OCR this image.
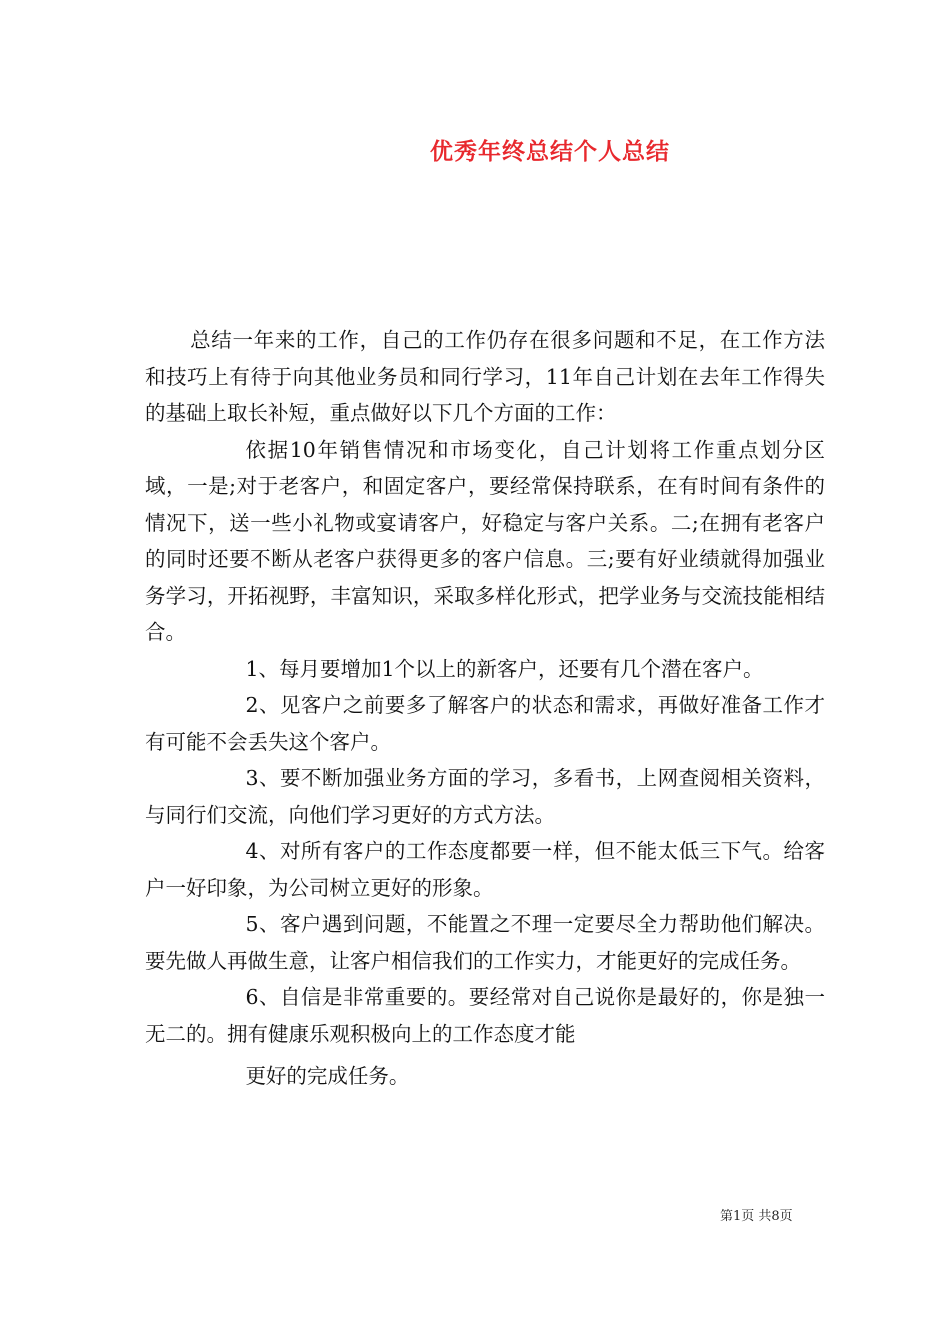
优秀年终总结个人总结

总结一年来的工作，自己的工作仍存在很多问题和不足，在工作方法和技巧上有待于向其他业务员和同行学习，11年自己计划在去年工作得失的基础上取长补短，重点做好以下几个方面的工作：

依据10年销售情况和市场变化，自己计划将工作重点划分区域，一是;对于老客户，和固定客户，要经常保持联系，在有时间有条件的情况下，送一些小礼物或宴请客户，好稳定与客户关系。二;在拥有老客户的同时还要不断从老客户获得更多的客户信息。三;要有好业绩就得加强业务学习，开拓视野，丰富知识，采取多样化形式，把学业务与交流技能相结合。

1、每月要增加1个以上的新客户，还要有几个潜在客户。

2、见客户之前要多了解客户的状态和需求，再做好准备工作才有可能不会丢失这个客户。

3、要不断加强业务方面的学习，多看书，上网查阅相关资料，与同行们交流，向他们学习更好的方式方法。

4、对所有客户的工作态度都要一样，但不能太低三下气。给客户一好印象，为公司树立更好的形象。

5、客户遇到问题，不能置之不理一定要尽全力帮助他们解决。要先做人再做生意，让客户相信我们的工作实力，才能更好的完成任务。

6、自信是非常重要的。要经常对自己说你是最好的，你是独一无二的。拥有健康乐观积极向上的工作态度才能

更好的完成任务。

第1页 共8页
